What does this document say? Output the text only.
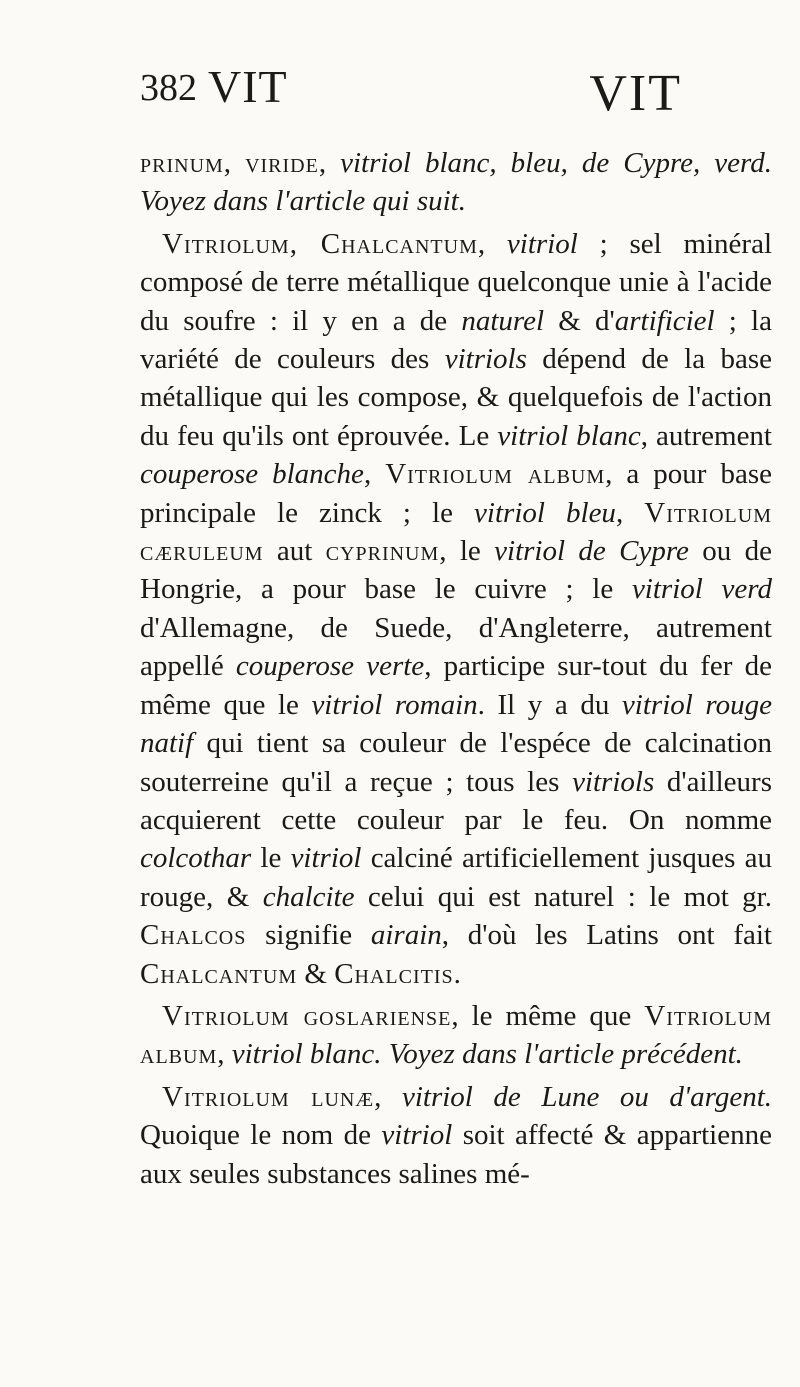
382 VIT	VIT

prinum, viride, vitriol blanc, bleu, de Cypre, verd. Voyez dans l'article qui suit.

Vitriolum, Chalcantum, vitriol ; sel minéral composé de terre métallique quelconque unie à l'acide du soufre : il y en a de naturel & d'artificiel ; la variété de couleurs des vitriols dépend de la base métallique qui les compose, & quelquefois de l'action du feu qu'ils ont éprouvée. Le vitriol blanc, autrement couperose blanche, Vitriolum album, a pour base principale le zinck ; le vitriol bleu, Vitriolum cæruleum aut cyprinum, le vitriol de Cypre ou de Hongrie, a pour base le cuivre ; le vitriol verd d'Allemagne, de Suede, d'Angleterre, autrement appellé couperose verte, participe sur-tout du fer de même que le vitriol romain. Il y a du vitriol rouge natif qui tient sa couleur de l'espéce de calcination souterreine qu'il a reçue ; tous les vitriols d'ailleurs acquierent cette couleur par le feu. On nomme colcothar le vitriol calciné artificiellement jusques au rouge, & chalcite celui qui est naturel : le mot gr. Chalcos signifie airain, d'où les Latins ont fait Chalcantum & Chalcitis.

Vitriolum goslariense, le même que Vitriolum album, vitriol blanc. Voyez dans l'article précédent.

Vitriolum lunæ, vitriol de Lune ou d'argent. Quoique le nom de vitriol soit affecté & appartienne aux seules substances salines mé-
